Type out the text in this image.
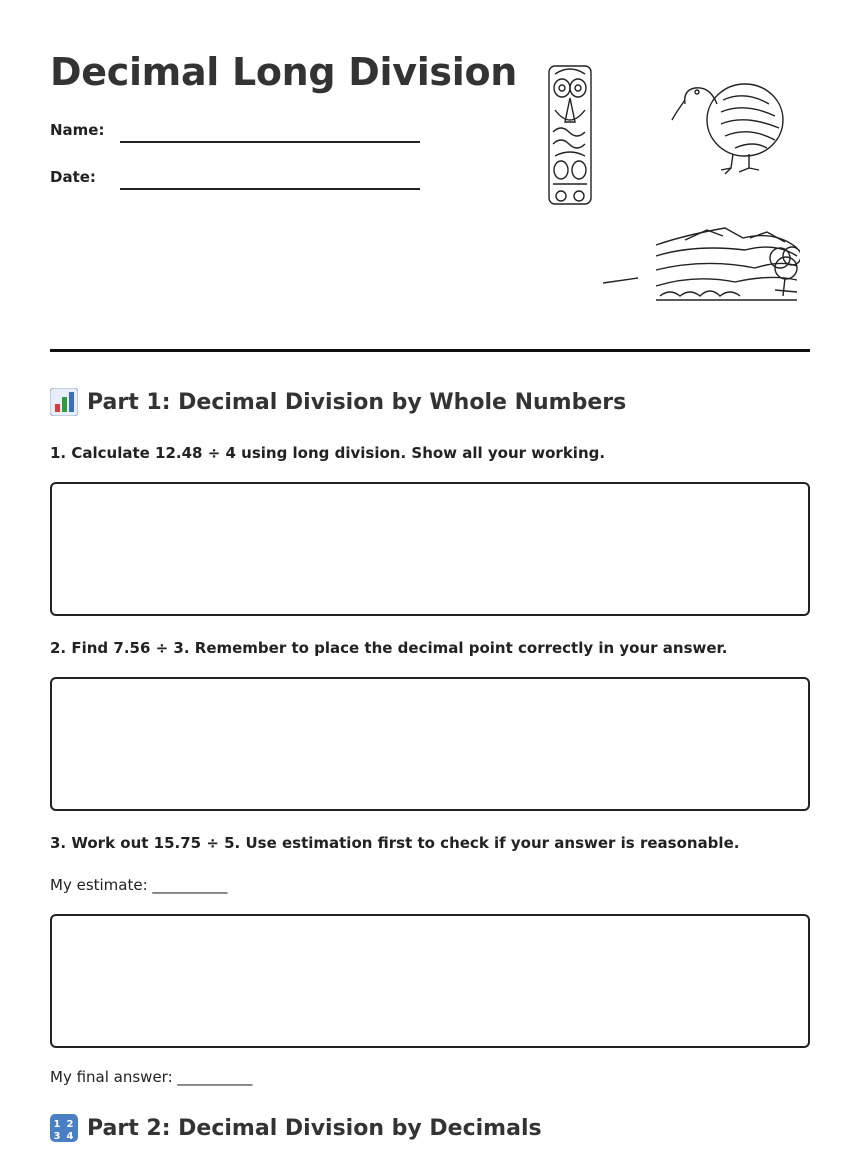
Decimal Long Division
Name:
Date:
Part 1: Decimal Division by Whole Numbers
1. Calculate 12.48 ÷ 4 using long division. Show all your working.
2. Find 7.56 ÷ 3. Remember to place the decimal point correctly in your answer.
3. Work out 15.75 ÷ 5. Use estimation first to check if your answer is reasonable.
My estimate: __________
My final answer: __________
1 2
3 4 Part 2: Decimal Division by Decimals
